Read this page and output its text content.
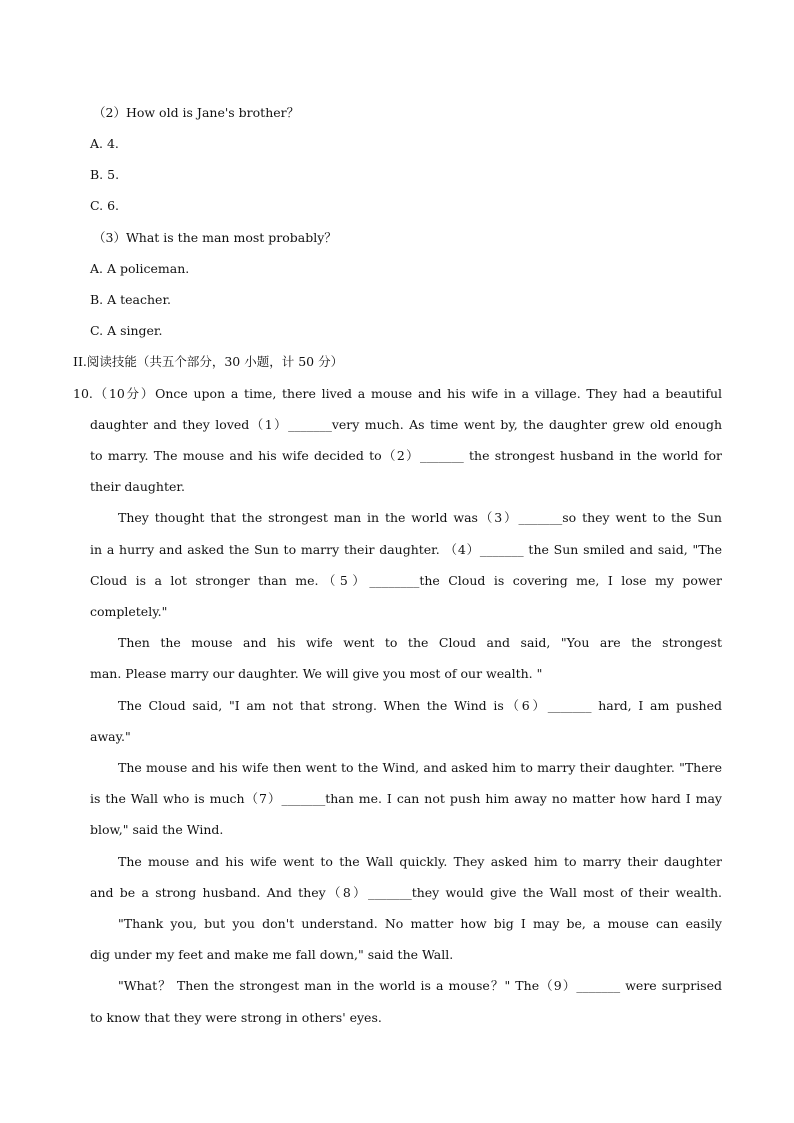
（2）How old is Jane's brother？
A. 4.
B. 5.
C. 6.
（3）What is the man most probably？
A. A policeman.
B. A teacher.
C. A singer.
II.阅读技能（共五个部分，30 小题，计 50 分）
10.（10分）Once upon a time, there lived a mouse and his wife in a village. They had a beautiful
daughter and they loved（1）_______very much. As time went by, the daughter grew old enough
to marry. The mouse and his wife decided to（2）_______ the strongest husband in the world for
their daughter.
They thought that the strongest man in the world was（3）_______so they went to the Sun
in a hurry and asked the Sun to marry their daughter. （4）_______ the Sun smiled and said, "The
Cloud is a lot stronger than me.（5）________the Cloud is covering me, I lose my power
completely."
Then the mouse and his wife went to the Cloud and said, "You are the strongest
man. Please marry our daughter. We will give you most of our wealth. "
The Cloud said, "I am not that strong. When the Wind is（6）_______ hard, I am pushed
away."
The mouse and his wife then went to the Wind, and asked him to marry their daughter. "There
is the Wall who is much（7）_______than me. I can not push him away no matter how hard I may
blow," said the Wind.
The mouse and his wife went to the Wall quickly. They asked him to marry their daughter
and be a strong husband. And they（8）_______they would give the Wall most of their wealth.
"Thank you, but you don't understand. No matter how big I may be, a mouse can easily
dig under my feet and make me fall down," said the Wall.
"What？ Then the strongest man in the world is a mouse？" The（9）_______ were surprised
to know that they were strong in others' eyes.
